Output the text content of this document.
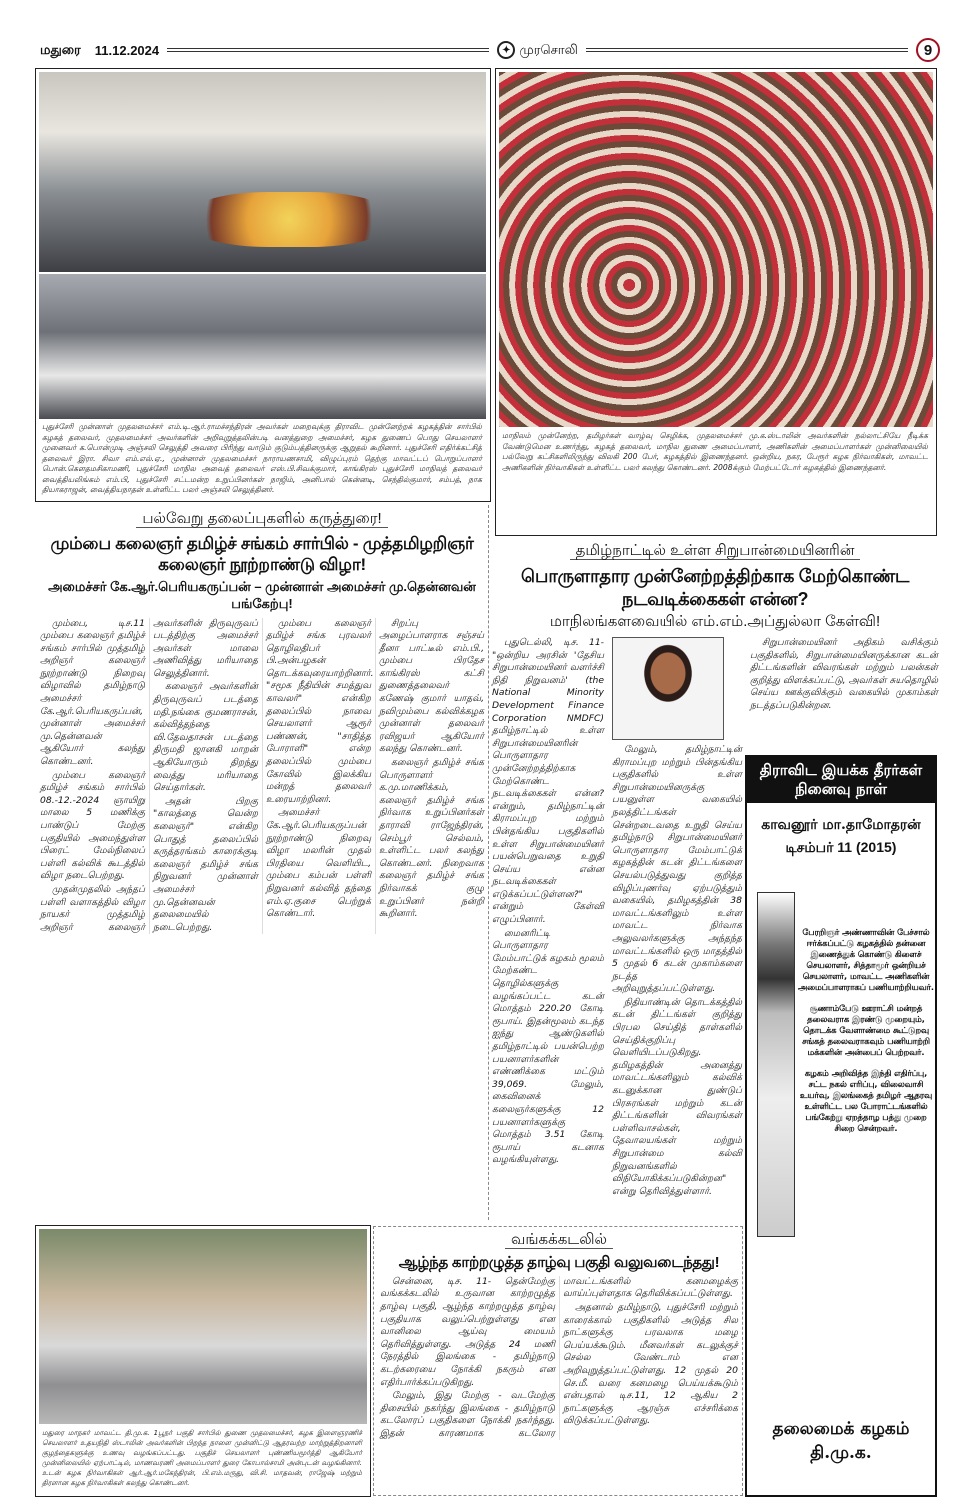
மதுரை 11.12.2024	✦ முரசொலி	9
புதுச்சேரி முன்னாள் முதலமைச்சர் எம்.டி.ஆர்.ராமச்சந்திரன் அவர்கள் மறைவுக்கு திராவிட முன்னேற்றக் கழகத்தின் சார்பில் கழகத் தலைவர், முதலமைச்சர் அவர்களின் அறிவுறுத்தலின்படி வனத்துறை அமைச்சர், கழக துணைப் பொது செயலாளர் முனைவர் க.பொன்முடி அஞ்சலி செலுத்தி அவரை பிரிந்து வாடும் குடும்பத்தினருக்கு ஆறுதல் கூறினார். புதுச்சேரி எதிர்க்கட்சித் தலைவர் இரா. சிவா எம்.எல்.ஏ., முன்னாள் முதலமைச்சர் நாராயணசாமி, விழுப்புரம் தெற்கு மாவட்டப் பொறுப்பாளர் பொன்.கௌதமசிகாமணி, புதுச்சேரி மாநில அவைத் தலைவர் எஸ்.பி.சிவக்குமார், காங்கிரஸ் புதுச்சேரி மாநிலத் தலைவர் வைத்தியலிங்கம் எம்.பி, புதுச்சேரி சட்டமன்ற உறுப்பினர்கள் நாஜிம், அனிபால் கென்னடி, செந்தில்குமார், சம்பத், நாக தியாகராஜன், வைத்தியநாதன் உள்ளிட்ட பலர் அஞ்சலி செலுத்தினர்.
மாநிலம் முன்னேற்ற, தமிழர்கள் வாழ்வு செழிக்க, முதலமைச்சர் மு.க.ஸ்டாலின் அவர்களின் நல்லாட்சியே நீடிக்க வேண்டுமென உணர்ந்து, கழகத் தலைவர், மாநில துணை அமைப்பாளர், அணிகளின் அமைப்பாளர்கள் முன்னிலையில் பல்வேறு கட்சிகளிலிருந்து விலகி 200 பேர், கழகத்தில் இணைந்தனர். ஒன்றிய, நகர, பேரூர் கழக நிர்வாகிகள், மாவட்ட அணிகளின் நிர்வாகிகள் உள்ளிட்ட பலர் கலந்து கொண்டனர். 2008க்கும் மேற்பட்டோர் கழகத்தில் இணைந்தனர்.
பல்வேறு தலைப்புகளில் கருத்துரை!
மும்பை கலைஞர் தமிழ்ச் சங்கம் சார்பில் - முத்தமிழறிஞர் கலைஞர் நூற்றாண்டு விழா!
அமைச்சர் கே.ஆர்.பெரியகருப்பன் – முன்னாள் அமைச்சர் மு.தென்னவன் பங்கேற்பு!

மும்பை, டிச.11 மும்பை கலைஞர் தமிழ்ச் சங்கம் சார்பில் முத்தமிழ் அறிஞர் கலைஞர் நூற்றாண்டு நிறைவு விழாவில் தமிழ்நாடு அமைச்சர் கே.ஆர்.பெரியகருப்பன், முன்னாள் அமைச்சர் மு.தென்னவன் ஆகியோர் கலந்து கொண்டனர்.

மும்பை கலைஞர் தமிழ்ச் சங்கம் சார்பில் 08.-12.-2024 ஞாயிறு மாலை 5 மணிக்கு பாண்டுப் மேற்கு பகுதியில் அமைந்துள்ள பிரைட் மேல்நிலைப் பள்ளி கல்விக் கூடத்தில் விழா நடைபெற்றது.

முதன்முதலில் அந்தப் பள்ளி வளாகத்தில் விழா நாயகர் முத்தமிழ் அறிஞர் கலைஞர் அவர்களின் திருவுருவப் படத்திற்கு அமைச்சர் அவர்கள் மாலை அணிவித்து மரியாதை செலுத்தினார்.

கலைஞர் அவர்களின் திருவுருவப் படத்தை மதி.நங்கை குமணராசன், கல்வித்தந்தை வி.தேவதாசன் படத்தை திருமதி ஜானகி மாறன் ஆகியோரும் திறந்து வைத்து மரியாதை செய்தார்கள்.

அதன் பிறகு "காலத்தை வென்ற கலைஞர்" என்கிற பொதுத் தலைப்பில் கருத்தரங்கம் காரைக்குடி கலைஞர் தமிழ்ச் சங்க நிறுவனர் முன்னாள் அமைச்சர் மு.தென்னவன் தலைமையில் நடைபெற்றது.

மும்பை கலைஞர் தமிழ்ச் சங்க புரவலர் தொழிலதிபர் பி.அன்பழகன் தொடக்கவுரையாற்றினார். "சமூக நீதியின் சமத்துவ காவலர்" என்கிற தலைப்பில் நாவை செயலாளர் ஆரூர் பண்ணன், "சாதித்த போராளி" என்ற தலைப்பில் மும்பை கோவில் இலக்கிய மன்றத் தலைவர் உரையாற்றினர்.

அமைச்சர் கே.ஆர்.பெரியகருப்பன் நூற்றாண்டு நிறைவு விழா மலரின் முதல் பிரதியை வெளியிட, மும்பை கம்பன் பள்ளி நிறுவனர் கல்வித் தந்தை எம்.ஏ.குசை பெற்றுக் கொண்டார்.

சிறப்பு அழைப்பாளராக சஞ்சய் தீனா பாட்டீல் எம்.பி., மும்பை பிரதேச காங்கிரஸ் கட்சி துணைத்தலைவர் கணேஷ் குமார் யாதவ், நவிமும்பை கல்விக்கழக முன்னாள் தலைவர் ரவிஜயர் ஆகியோர் கலந்து கொண்டனர்.

கலைஞர் தமிழ்ச் சங்க பொருளாளர் க.மு.மாணிக்கம், கலைஞர் தமிழ்ச் சங்க நிர்வாக உறுப்பினர்கள் தாராவி ராஜேந்திரன், செம்பூர் செல்வம், உள்ளிட்ட பலர் கலந்து கொண்டனர். நிறைவாக கலைஞர் தமிழ்ச் சங்க நிர்வாகக் குழு உறுப்பினர் நன்றி கூறினார்.

தமிழ்நாட்டில் உள்ள சிறுபான்மையினரின்
பொருளாதார முன்னேற்றத்திற்காக மேற்கொண்ட நடவடிக்கைகள் என்ன?
மாநிலங்களவையில் எம்.எம்.அப்துல்லா கேள்வி!

புதுடெல்லி, டிச. 11- "ஒன்றிய அரசின் 'தேசிய சிறுபான்மையினர் வளர்ச்சி நிதி நிறுவனம்' (the National Minority Development Finance Corporation NMDFC) தமிழ்நாட்டில் உள்ள சிறுபான்மையினரின் பொருளாதார முன்னேற்றத்திற்காக மேற்கொண்ட நடவடிக்கைகள் என்ன? என்றும், தமிழ்நாட்டின் கிராமப்புற மற்றும் பின்தங்கிய பகுதிகளில் உள்ள சிறுபான்மையினர் பயன்பெறுவதை உறுதி செய்ய என்ன நடவடிக்கைகள் எடுக்கப்பட்டுள்ளன?" என்றும் கேள்வி எழுப்பினார்.

மைனரிட்டி பொருளாதார மேம்பாட்டுக் கழகம் மூலம் மேற்கண்ட தொழில்களுக்கு வழங்கப்பட்ட கடன் மொத்தம் 220.20 கோடி ரூபாய். இதன்மூலம் கடந்த ஐந்து ஆண்டுகளில் தமிழ்நாட்டில் பயன்பெற்ற பயனாளர்களின் எண்ணிக்கை மட்டும் 39,069. மேலும், கைவினைக் கலைஞர்களுக்கு 12 பயனாளர்களுக்கு மொத்தம் 3.51 கோடி ரூபாய் கடனாக வழங்கியுள்ளது.

மேலும், தமிழ்நாட்டின் கிராமப்புற மற்றும் பின்தங்கிய பகுதிகளில் உள்ள சிறுபான்மையினருக்கு பயனுள்ள வகையில் நலத்திட்டங்கள் சென்றடைவதை உறுதி செய்ய தமிழ்நாடு சிறுபான்மையினர் பொருளாதார மேம்பாட்டுக் கழகத்தின் கடன் திட்டங்களை செயல்படுத்துவது குறித்த விழிப்புணர்வு ஏற்படுத்தும் வகையில், தமிழகத்தின் 38 மாவட்டங்களிலும் உள்ள மாவட்ட நிர்வாக அலுவலர்களுக்கு அந்தந்த மாவட்டங்களில் ஒரு மாதத்தில் 5 முதல் 6 கடன் முகாம்களை நடத்த அறிவுறுத்தப்பட்டுள்ளது.

நிதியாண்டின் தொடக்கத்தில் கடன் திட்டங்கள் குறித்து பிரபல செய்தித் தாள்களில் செய்திக்குறிப்பு வெளியிடப்படுகிறது. தமிழகத்தின் அனைத்து மாவட்டங்களிலும் கல்விக் கடனுக்கான துண்டுப் பிரசுரங்கள் மற்றும் கடன் திட்டங்களின் விவரங்கள் பள்ளிவாசல்கள், தேவாலயங்கள் மற்றும் சிறுபான்மை கல்வி நிறுவனங்களில் விநியோகிக்கப்படுகின்றன" என்று தெரிவித்துள்ளார்.

சிறுபான்மையினர் அதிகம் வசிக்கும் பகுதிகளில், சிறுபான்மையினருக்கான கடன் திட்டங்களின் விவரங்கள் மற்றும் பலன்கள் குறித்து விளக்கப்பட்டு, அவர்கள் சுயதொழில் செய்ய ஊக்குவிக்கும் வகையில் முகாம்கள் நடத்தப்படுகின்றன.

திராவிட இயக்க தீரர்கள் நினைவு நாள்
காவனூர் மா.தாமோதரன்
டிசம்பர் 11 (2015)

பேரறிஞர் அண்ணாவின் பேச்சால் ஈர்க்கப்பட்டு கழகத்தில் தன்னை இணைத்துக் கொண்டு கிளைச் செயலாளர், சித்தாமூர் ஒன்றியச் செயலாளர், மாவட்ட அணிகளின் அமைப்பாளராகப் பணியாற்றியவர்.

சூணாம்பேடு ஊராட்சி மன்றத் தலைவராக இரண்டு முறையும், தொடக்க வேளாண்மை கூட்டுறவு சங்கத் தலைவராகவும் பணியாற்றி மக்களின் அன்பைப் பெற்றவர்.

கழகம் அறிவித்த இந்தி எதிர்ப்பு, சட்ட நகல் எரிப்பு, விலைவாசி உயர்வு, இலங்கைத் தமிழர் ஆதரவு உள்ளிட்ட பல போராட்டங்களில் பங்கேற்று ஏறத்தாழ பத்து முறை சிறை சென்றவர்.

தலைமைக் கழகம்
தி.மு.க.
மதுரை மாநகர் மாவட்ட தி.மு.க. 1பூநர் பகுதி சார்பில் துணை முதலமைச்சர், கழக இளைஞரணிச் செயலாளர் உதயநிதி ஸ்டாலின் அவர்களின் பிறந்த நாளை முன்னிட்டு ஆதரவற்ற மாற்றுத்திறனாளி குழந்தைகளுக்கு உணவு வழங்கப்பட்டது. பகுதிச் செயலாளர் புண்ணியமூர்த்தி ஆகியோர் முன்னிலையில் ஏற்பாட்டில், மாணவரணி அமைப்பாளர் துரை கோபால்சாமி அன்புடன் வழங்கினார். உடன் கழக நிர்வாகிகள் ஆர்.ஆர்.மகேந்திரன், பி.எம்.மருது, வி.சி. மாதவன், ராஜேஷ் மற்றும் திரளான கழக நிர்வாகிகள் கலந்து கொண்டனர்.
வங்கக்கடலில்
ஆழ்ந்த காற்றழுத்த தாழ்வு பகுதி வலுவடைந்தது!

சென்னை, டிச. 11- தென்மேற்கு வங்கக்கடலில் உருவான காற்றழுத்த தாழ்வு பகுதி, ஆழ்ந்த காற்றழுத்த தாழ்வு பகுதியாக வலுப்பெற்றுள்ளது என வானிலை ஆய்வு மையம் தெரிவித்துள்ளது. அடுத்த 24 மணி நேரத்தில் இலங்கை - தமிழ்நாடு கடற்கரையை நோக்கி நகரும் என எதிர்பார்க்கப்படுகிறது.

மேலும், இது மேற்கு - வடமேற்கு திசையில் நகர்ந்து இலங்கை - தமிழ்நாடு கடலோரப் பகுதிகளை நோக்கி நகர்ந்தது. இதன் காரணமாக கடலோர மாவட்டங்களில் கனமழைக்கு வாய்ப்புள்ளதாக தெரிவிக்கப்பட்டுள்ளது.

அதனால் தமிழ்நாடு, புதுச்சேரி மற்றும் காரைக்கால் பகுதிகளில் அடுத்த சில நாட்களுக்கு பரவலாக மழை பெய்யக்கூடும். மீனவர்கள் கடலுக்குச் செல்ல வேண்டாம் என அறிவுறுத்தப்பட்டுள்ளது. 12 முதல் 20 செ.மீ. வரை கனமழை பெய்யக்கூடும் என்பதால் டிச.11, 12 ஆகிய 2 நாட்களுக்கு ஆரஞ்சு எச்சரிக்கை விடுக்கப்பட்டுள்ளது.
